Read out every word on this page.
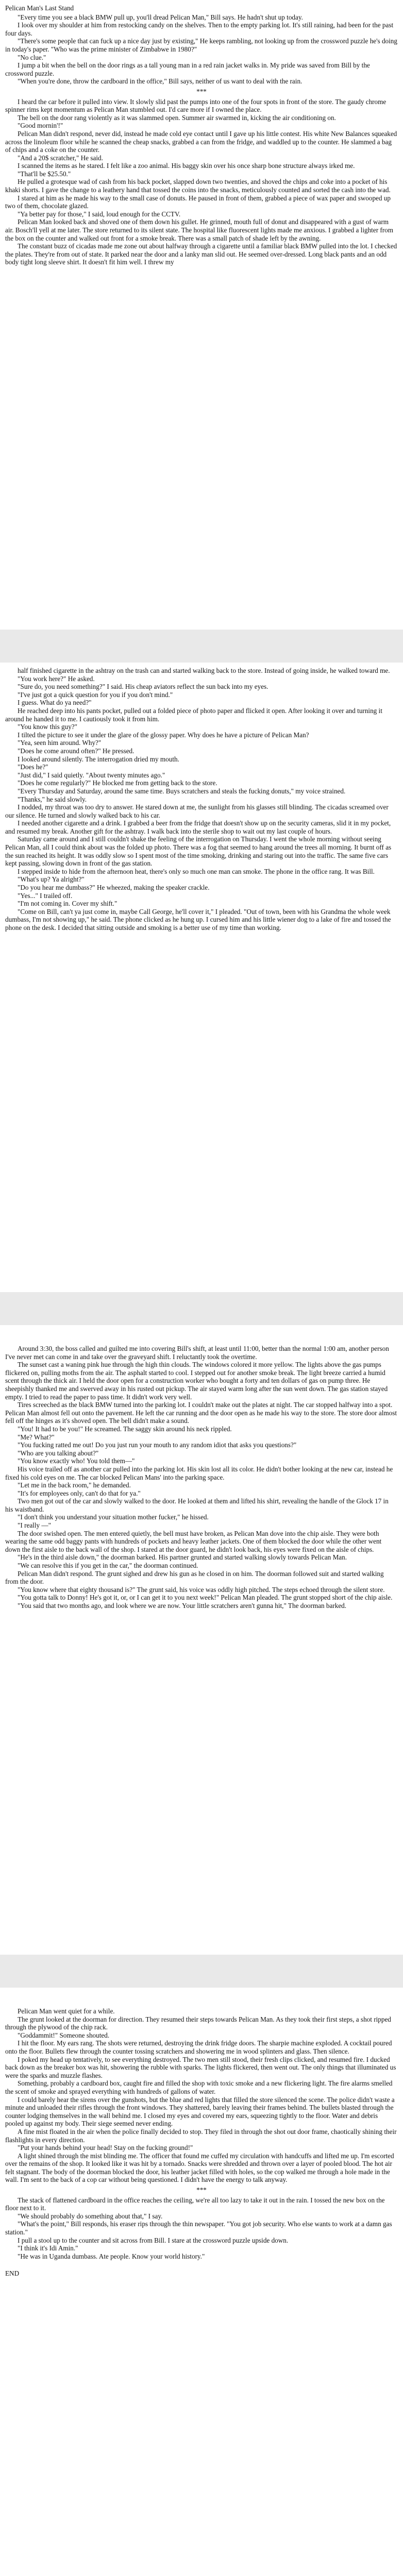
Pelican Man's Last Stand

"Every time you see a black BMW pull up, you'll dread Pelican Man," Bill says. He hadn't shut up today.

I look over my shoulder at him from restocking candy on the shelves. Then to the empty parking lot. It's still raining, had been for the past four days.

"There's some people that can fuck up a nice day just by existing," He keeps rambling, not looking up from the crossword puzzle he's doing in today's paper. "Who was the prime minister of Zimbabwe in 1980?"

"No clue."

I jump a bit when the bell on the door rings as a tall young man in a red rain jacket walks in. My pride was saved from Bill by the crossword puzzle.

"When you're done, throw the cardboard in the office," Bill says, neither of us want to deal with the rain.

***

I heard the car before it pulled into view. It slowly slid past the pumps into one of the four spots in front of the store. The gaudy chrome spinner rims kept momentum as Pelican Man stumbled out. I'd care more if I owned the place.

The bell on the door rang violently as it was slammed open. Summer air swarmed in, kicking the air conditioning on.

"Good mornin'!"

Pelican Man didn't respond, never did, instead he made cold eye contact until I gave up his little contest. His white New Balances squeaked across the linoleum floor while he scanned the cheap snacks, grabbed a can from the fridge, and waddled up to the counter. He slammed a bag of chips and a coke on the counter.

"And a 20$ scratcher," He said.

I scanned the items as he stared. I felt like a zoo animal. His baggy skin over his once sharp bone structure always irked me.

"That'll be $25.50."

He pulled a grotesque wad of cash from his back pocket, slapped down two twenties, and shoved the chips and coke into a pocket of his khaki shorts. I gave the change to a leathery hand that tossed the coins into the snacks, meticulously counted and sorted the cash into the wad.

I stared at him as he made his way to the small case of donuts. He paused in front of them, grabbed a piece of wax paper and swooped up two of them, chocolate glazed.

"Ya better pay for those," I said, loud enough for the CCTV.

Pelican Man looked back and shoved one of them down his gullet. He grinned, mouth full of donut and disappeared with a gust of warm air. Bosch'll yell at me later. The store returned to its silent state. The hospital like fluorescent lights made me anxious. I grabbed a lighter from the box on the counter and walked out front for a smoke break. There was a small patch of shade left by the awning.

The constant buzz of cicadas made me zone out about halfway through a cigarette until a familiar black BMW pulled into the lot. I checked the plates. They're from out of state. It parked near the door and a lanky man slid out. He seemed over-dressed. Long black pants and an odd body tight long sleeve shirt. It doesn't fit him well. I threw my

half finished cigarette in the ashtray on the trash can and started walking back to the store. Instead of going inside, he walked toward me.

"You work here?" He asked.

"Sure do, you need something?" I said. His cheap aviators reflect the sun back into my eyes.

"I've just got a quick question for you if you don't mind."

I guess. What do ya need?"

He reached deep into his pants pocket, pulled out a folded piece of photo paper and flicked it open. After looking it over and turning it around he handed it to me. I cautiously took it from him.

"You know this guy?"

I tilted the picture to see it under the glare of the glossy paper. Why does he have a picture of Pelican Man?

"Yea, seen him around. Why?"

"Does he come around often?" He pressed.

I looked around silently. The interrogation dried my mouth.

"Does he?"

"Just did," I said quietly. "About twenty minutes ago."

"Does he come regularly?" He blocked me from getting back to the store.

"Every Thursday and Saturday, around the same time. Buys scratchers and steals the fucking donuts," my voice strained.

"Thanks," he said slowly.

I nodded, my throat was too dry to answer. He stared down at me, the sunlight from his glasses still blinding. The cicadas screamed over our silence. He turned and slowly walked back to his car.

I needed another cigarette and a drink. I grabbed a beer from the fridge that doesn't show up on the security cameras, slid it in my pocket, and resumed my break. Another gift for the ashtray. I walk back into the sterile shop to wait out my last couple of hours.

Saturday came around and I still couldn't shake the feeling of the interrogation on Thursday. I went the whole morning without seeing Pelican Man, all I could think about was the folded up photo. There was a fog that seemed to hang around the trees all morning. It burnt off as the sun reached its height. It was oddly slow so I spent most of the time smoking, drinking and staring out into the traffic. The same five cars kept passing, slowing down in front of the gas station.

I stepped inside to hide from the afternoon heat, there's only so much one man can smoke. The phone in the office rang. It was Bill.

"What's up? Ya alright?"

"Do you hear me dumbass?" He wheezed, making the speaker crackle.

"Yes..." I trailed off.

"I'm not coming in. Cover my shift."

"Come on Bill, can't ya just come in, maybe Call George, he'll cover it," I pleaded. "Out of town, been with his Grandma the whole week dumbass, I'm not showing up," he said. The phone clicked as he hung up. I cursed him and his little wiener dog to a lake of fire and tossed the phone on the desk. I decided that sitting outside and smoking is a better use of my time than working.

Around 3:30, the boss called and guilted me into covering Bill's shift, at least until 11:00, better than the normal 1:00 am, another person I've never met can come in and take over the graveyard shift. I reluctantly took the overtime.

The sunset cast a waning pink hue through the high thin clouds. The windows colored it more yellow. The lights above the gas pumps flickered on, pulling moths from the air. The asphalt started to cool. I stepped out for another smoke break. The light breeze carried a humid scent through the thick air. I held the door open for a construction worker who bought a forty and ten dollars of gas on pump three. He sheepishly thanked me and swerved away in his rusted out pickup. The air stayed warm long after the sun went down. The gas station stayed empty. I tried to read the paper to pass time. It didn't work very well.

Tires screeched as the black BMW turned into the parking lot. I couldn't make out the plates at night. The car stopped halfway into a spot. Pelican Man almost fell out onto the pavement. He left the car running and the door open as he made his way to the store. The store door almost fell off the hinges as it's shoved open. The bell didn't make a sound.

"You! It had to be you!" He screamed. The saggy skin around his neck rippled.

"Me? What?"

"You fucking ratted me out! Do you just run your mouth to any random idiot that asks you questions?"

"Who are you talking about?"

"You know exactly who! You told them—"

His voice trailed off as another car pulled into the parking lot. His skin lost all its color. He didn't bother looking at the new car, instead he fixed his cold eyes on me. The car blocked Pelican Mans' into the parking space.

"Let me in the back room," he demanded.

"It's for employees only, can't do that for ya."

Two men got out of the car and slowly walked to the door. He looked at them and lifted his shirt, revealing the handle of the Glock 17 in his waistband.

"I don't think you understand your situation mother fucker," he hissed.

"I really —"

The door swished open. The men entered quietly, the bell must have broken, as Pelican Man dove into the chip aisle. They were both wearing the same odd baggy pants with hundreds of pockets and heavy leather jackets. One of them blocked the door while the other went down the first aisle to the back wall of the shop. I stared at the door guard, he didn't look back, his eyes were fixed on the aisle of chips.

"He's in the third aisle down," the doorman barked. His partner grunted and started walking slowly towards Pelican Man.

"We can resolve this if you get in the car," the doorman continued.

Pelican Man didn't respond. The grunt sighed and drew his gun as he closed in on him. The doorman followed suit and started walking from the door.

"You know where that eighty thousand is?" The grunt said, his voice was oddly high pitched. The steps echoed through the silent store.

"You gotta talk to Donny! He's got it, or, or I can get it to you next week!" Pelican Man pleaded. The grunt stopped short of the chip aisle.

"You said that two months ago, and look where we are now. Your little scratchers aren't gunna hit," The doorman barked.

Pelican Man went quiet for a while.

The grunt looked at the doorman for direction. They resumed their steps towards Pelican Man. As they took their first steps, a shot ripped through the plywood of the chip rack.

"Goddammit!" Someone shouted.

I hit the floor. My ears rang. The shots were returned, destroying the drink fridge doors. The sharpie machine exploded. A cocktail poured onto the floor. Bullets flew through the counter tossing scratchers and showering me in wood splinters and glass. Then silence.

I poked my head up tentatively, to see everything destroyed. The two men still stood, their fresh clips clicked, and resumed fire. I ducked back down as the breaker box was hit, showering the rubble with sparks. The lights flickered, then went out. The only things that illuminated us were the sparks and muzzle flashes.

Something, probably a cardboard box, caught fire and filled the shop with toxic smoke and a new flickering light. The fire alarms smelled the scent of smoke and sprayed everything with hundreds of gallons of water.

I could barely hear the sirens over the gunshots, but the blue and red lights that filled the store silenced the scene. The police didn't waste a minute and unloaded their rifles through the front windows. They shattered, barely leaving their frames behind. The bullets blasted through the counter lodging themselves in the wall behind me. I closed my eyes and covered my ears, squeezing tightly to the floor. Water and debris pooled up against my body. Their siege seemed never ending.

A fine mist floated in the air when the police finally decided to stop. They filed in through the shot out door frame, chaotically shining their flashlights in every direction.

"Put your hands behind your head! Stay on the fucking ground!"

A light shined through the mist blinding me. The officer that found me cuffed my circulation with handcuffs and lifted me up. I'm escorted over the remains of the shop. It looked like it was hit by a tornado. Snacks were shredded and thrown over a layer of pooled blood. The hot air felt stagnant. The body of the doorman blocked the door, his leather jacket filled with holes, so the cop walked me through a hole made in the wall. I'm sent to the back of a cop car without being questioned. I didn't have the energy to talk anyway.

***

The stack of flattened cardboard in the office reaches the ceiling, we're all too lazy to take it out in the rain. I tossed the new box on the floor next to it.

"We should probably do something about that," I say.

"What's the point," Bill responds, his eraser rips through the thin newspaper. "You got job security. Who else wants to work at a damn gas station."

I pull a stool up to the counter and sit across from Bill. I stare at the crossword puzzle upside down.

"I think it's Idi Amin."

"He was in Uganda dumbass. Ate people. Know your world history."

END
